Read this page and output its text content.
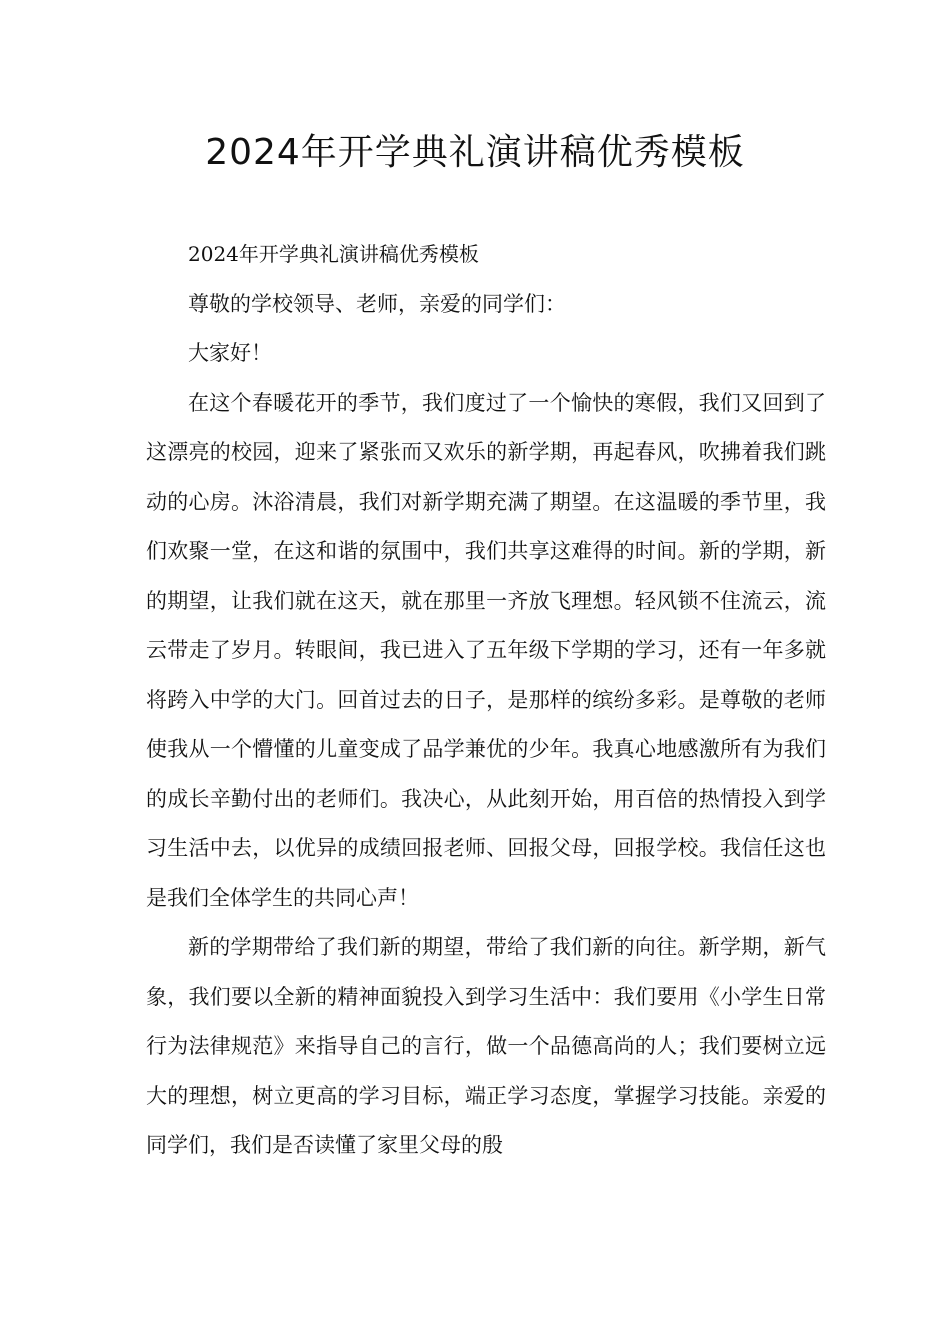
2024年开学典礼演讲稿优秀模板

2024年开学典礼演讲稿优秀模板

尊敬的学校领导、老师，亲爱的同学们：

大家好！

在这个春暖花开的季节，我们度过了一个愉快的寒假，我们又回到了这漂亮的校园，迎来了紧张而又欢乐的新学期，再起春风，吹拂着我们跳动的心房。沐浴清晨，我们对新学期充满了期望。在这温暖的季节里，我们欢聚一堂，在这和谐的氛围中，我们共享这难得的时间。新的学期，新的期望，让我们就在这天，就在那里一齐放飞理想。轻风锁不住流云，流云带走了岁月。转眼间，我已进入了五年级下学期的学习，还有一年多就将跨入中学的大门。回首过去的日子，是那样的缤纷多彩。是尊敬的老师使我从一个懵懂的儿童变成了品学兼优的少年。我真心地感激所有为我们的成长辛勤付出的老师们。我决心，从此刻开始，用百倍的热情投入到学习生活中去，以优异的成绩回报老师、回报父母，回报学校。我信任这也是我们全体学生的共同心声！

新的学期带给了我们新的期望，带给了我们新的向往。新学期，新气象，我们要以全新的精神面貌投入到学习生活中：我们要用《小学生日常行为法律规范》来指导自己的言行，做一个品德高尚的人；我们要树立远大的理想，树立更高的学习目标，端正学习态度，掌握学习技能。亲爱的同学们，我们是否读懂了家里父母的殷
